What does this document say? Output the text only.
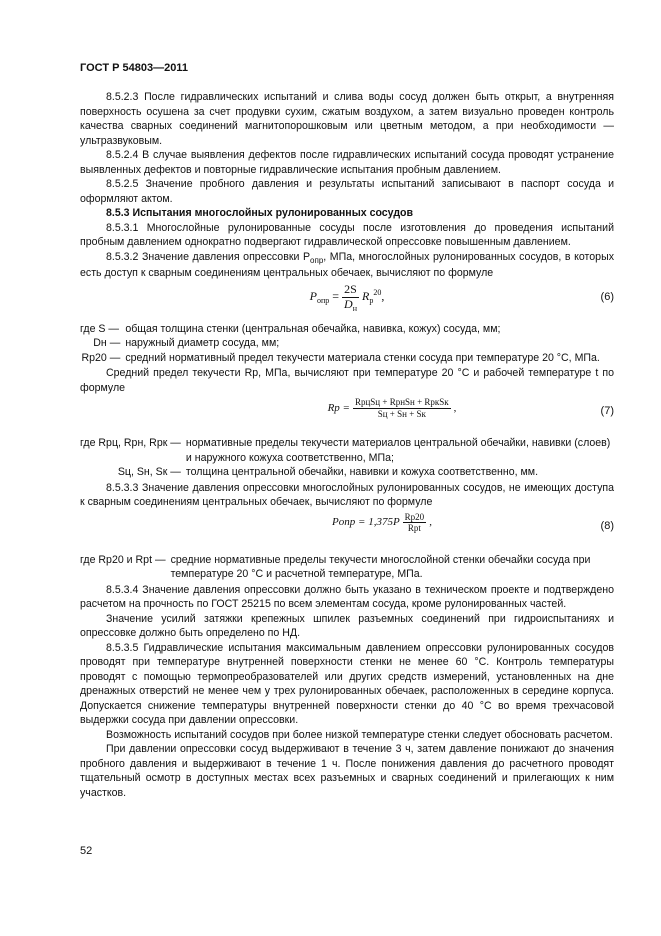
ГОСТ Р 54803—2011

8.5.2.3 После гидравлических испытаний и слива воды сосуд должен быть открыт, а внутренняя поверхность осушена за счет продувки сухим, сжатым воздухом, а затем визуально проведен контроль качества сварных соединений магнитопорошковым или цветным методом, а при необходимости — ультразвуковым.

8.5.2.4 В случае выявления дефектов после гидравлических испытаний сосуда проводят устранение выявленных дефектов и повторные гидравлические испытания пробным давлением.

8.5.2.5 Значение пробного давления и результаты испытаний записывают в паспорт сосуда и оформляют актом.

8.5.3 Испытания многослойных рулонированных сосудов

8.5.3.1 Многослойные рулонированные сосуды после изготовления до проведения испытаний пробным давлением однократно подвергают гидравлической опрессовке повышенным давлением.

8.5.3.2 Значение давления опрессовки $P_{опр}$, МПа, многослойных рулонированных сосудов, в которых есть доступ к сварным соединениям центральных обечаек, вычисляют по формуле

$P_{опр} = \frac{2S}{D_н} R_р^{20}$,	(6)
где S —	общая толщина стенки (центральная обечайка, навивка, кожух) сосуда, мм;
Dн —	наружный диаметр сосуда, мм;
Rр20 —	средний нормативный предел текучести материала стенки сосуда при температуре 20 °С, МПа.

Средний предел текучести Rр, МПа, вычисляют при температуре 20 °С и рабочей температуре t по формуле

Rр = $\frac{\text{RрцSц + RрнSн + RркSк}}{Sц + Sн + Sк}$ ,	(7)
где Rрц, Rрн, Rрк —	нормативные пределы текучести материалов центральной обечайки, навивки (слоев) и наружного кожуха соответственно, МПа;
Sц, Sн, Sк —	толщина центральной обечайки, навивки и кожуха соответственно, мм.

8.5.3.3 Значение давления опрессовки многослойных рулонированных сосудов, не имеющих доступа к сварным соединениям центральных обечаек, вычисляют по формуле

Pопр = $1,375P \frac{Rр20}{\text{Rрt}}$ ,	(8)
где Rр20 и Rрt —	средние нормативные пределы текучести многослойной стенки обечайки сосуда при температуре 20 °С и расчетной температуре, МПа.

8.5.3.4 Значение давления опрессовки должно быть указано в техническом проекте и подтверждено расчетом на прочность по ГОСТ 25215 по всем элементам сосуда, кроме рулонированных частей.

Значение усилий затяжки крепежных шпилек разъемных соединений при гидроиспытаниях и опрессовке должно быть определено по НД.

8.5.3.5 Гидравлические испытания максимальным давлением опрессовки рулонированных сосудов проводят при температуре внутренней поверхности стенки не менее 60 °С. Контроль температуры проводят с помощью термопреобразователей или других средств измерений, установленных на дне дренажных отверстий не менее чем у трех рулонированных обечаек, расположенных в середине корпуса. Допускается снижение температуры внутренней поверхности стенки до 40 °С во время трехчасовой выдержки сосуда при давлении опрессовки.

Возможность испытаний сосудов при более низкой температуре стенки следует обосновать расчетом.

При давлении опрессовки сосуд выдерживают в течение 3 ч, затем давление понижают до значения пробного давления и выдерживают в течение 1 ч. После понижения давления до расчетного проводят тщательный осмотр в доступных местах всех разъемных и сварных соединений и прилегающих к ним участков.

52
